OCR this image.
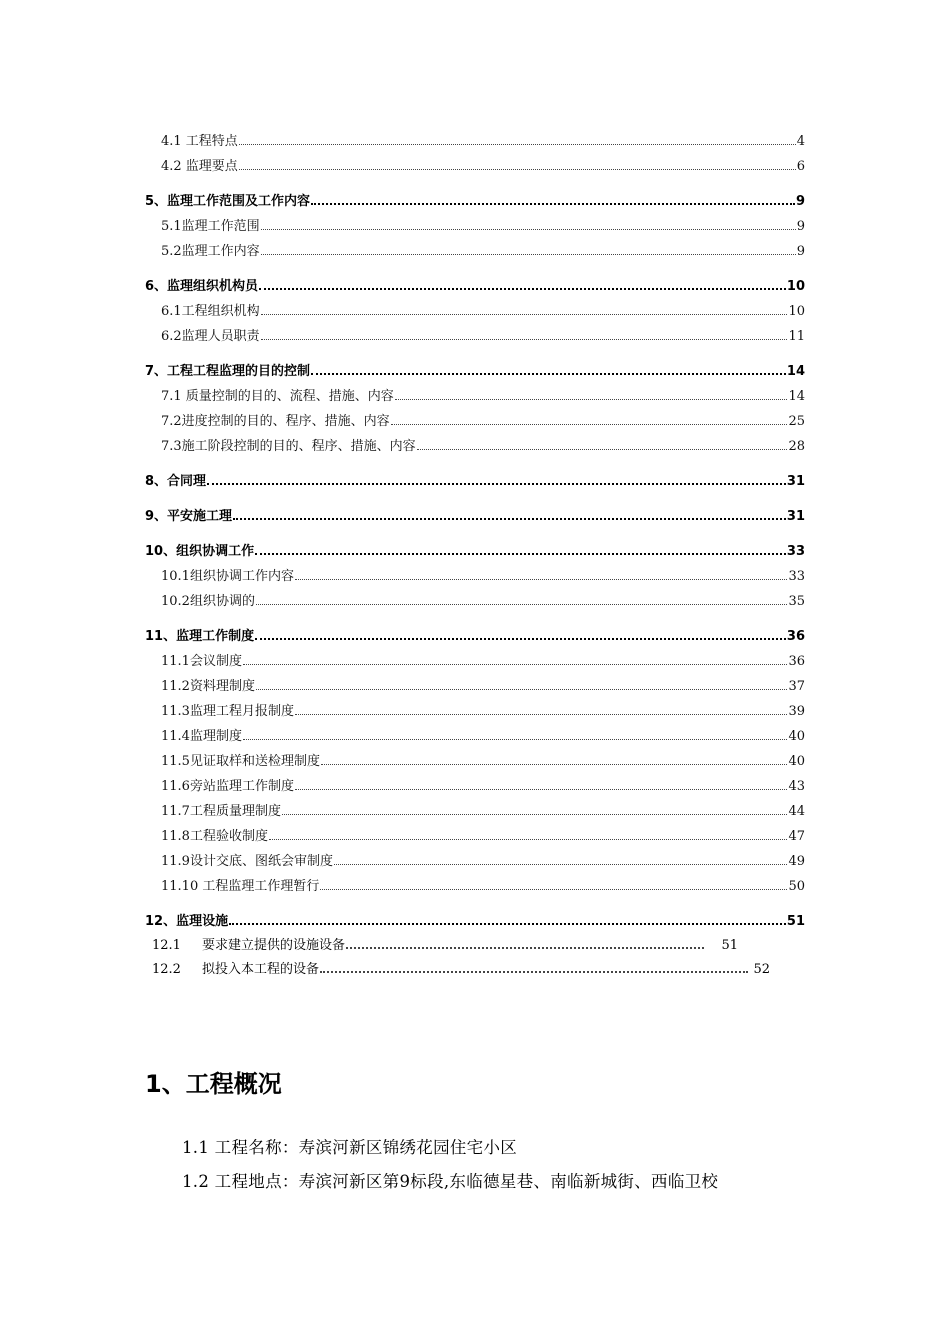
4.1 工程特点	4
4.2 监理要点	6
5、监理工作范围及工作内容	9
5.1监理工作范围	9
5.2监理工作内容	9
6、监理组织机构员	10
6.1工程组织机构	10
6.2监理人员职责	11
7、工程工程监理的目的控制	14
7.1 质量控制的目的、流程、措施、内容	14
7.2进度控制的目的、程序、措施、内容	25
7.3施工阶段控制的目的、程序、措施、内容	28
8、合同理	31
9、平安施工理	31
10、组织协调工作	33
10.1组织协调工作内容	33
10.2组织协调的	35
11、监理工作制度	36
11.1会议制度	36
11.2资料理制度	37
11.3监理工程月报制度	39
11.4监理制度	40
11.5见证取样和送检理制度	40
11.6旁站监理工作制度	43
11.7工程质量理制度	44
11.8工程验收制度	47
11.9设计交底、图纸会审制度	49
11.10 工程监理工作理暂行	50
12、监理设施	51
12.1	要求建立提供的设施设备	51
12.2	拟投入本工程的设备	52
1、工程概况
1.1 工程名称：寿滨河新区锦绣花园住宅小区
1.2 工程地点：寿滨河新区第9标段,东临德星巷、南临新城街、西临卫校
